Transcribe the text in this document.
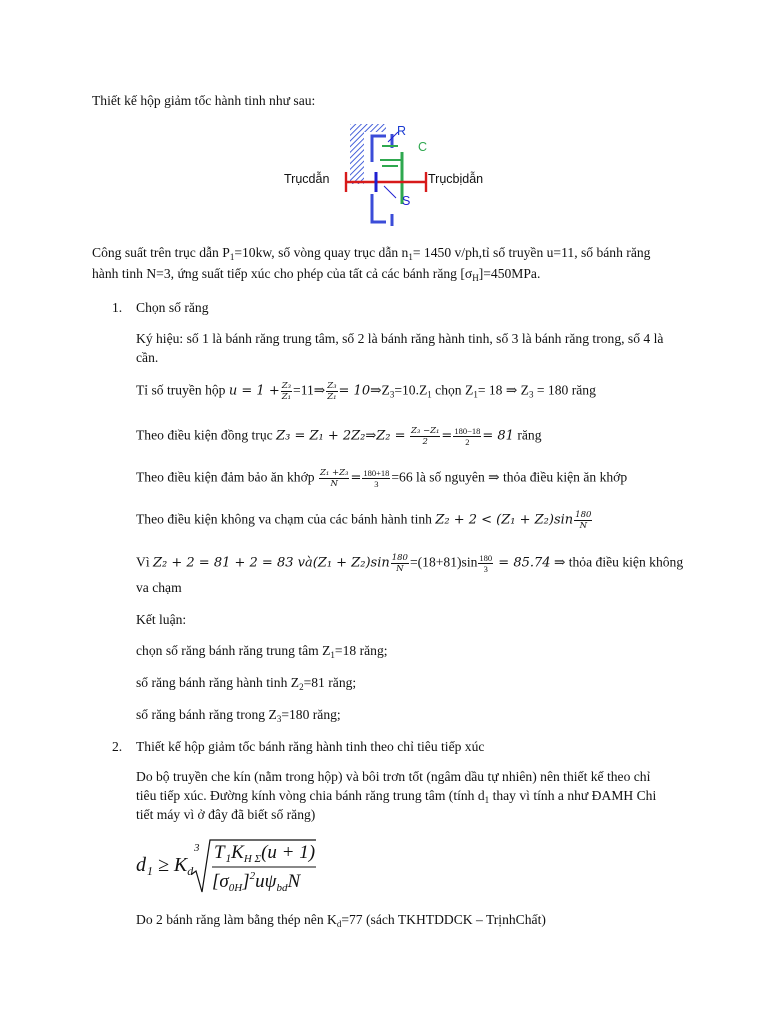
Thiết kế hộp giảm tốc hành tinh như sau:
Trụcdẫn	Trụcbịdẫn
R
C
S
Công suất trên trục dẫn $P_1=10kw$, số vòng quay trục dẫn $n_1= 1450$ v/ph,tỉ số truyền u=11, số bánh răng
hành tinh N=3, ứng suất tiếp xúc cho phép của tất cả các bánh răng $[\sigma_H]=450MPa$.
1. Chọn số răng
Ký hiệu: số 1 là bánh răng trung tâm, số 2 là bánh răng hành tinh, số 3 là bánh răng trong, số 4 là
cần.
Tỉ số truyền hộp $u = 1 + \frac{\text{Z₃}}{\text{Z₁}}$ =11⇒ $\frac{\text{Z₃}}{\text{Z₁}}$ = $10\Rightarrow Z_3=10.Z_1$ chọn $Z_1= 18$ ⇒ $Z_3 = 180$ răng
Theo điều kiện đồng trục Z₃ = Z₁ + 2Z₂⇒Z₂ = $\frac{\text{Z₃ −Z₁}}{2} = \frac{180-18}{2} = 81$ răng
Theo điều kiện đảm bảo ăn khớp $\frac{\text{Z₁ +Z₃}}{N} = \frac{180+18}{3} =66$ là số nguyên ⇒ thỏa điều kiện ăn khớp
Theo điều kiện không va chạm của các bánh hành tinh $Z_2 + 2 < (Z_1 + Z_2)\sin \frac{180}{N}$
Vì Z₂ + 2 = 81 + 2 = 83 và(Z₁ + $Z_2)\sin \frac{180}{N} =(18+81)\sin \frac{180}{3} = 85.74$ ⇒ thỏa điều kiện không
va chạm
Kết luận:
chọn số răng bánh răng trung tâm $Z_1=18$ răng;
số răng bánh răng hành tinh $Z_2=81$ răng;
số răng bánh răng trong $Z_3=180$ răng;
2. Thiết kế hộp giảm tốc bánh răng hành tinh theo chỉ tiêu tiếp xúc
Do bộ truyền che kín (nằm trong hộp) và bôi trơn tốt (ngâm dầu tự nhiên) nên thiết kế theo chỉ
tiêu tiếp xúc. Đường kính vòng chia bánh răng trung tâm (tính $d_1$ thay vì tính a như ĐAMH Chi
tiết máy vì ở đây đã biết số răng)
$d_1 \ge K_d$
3 $T_1K_{H \Sigma}(u + 1)$
$[\sigma_{0H}]^2u\psi_{bd}N$
Do 2 bánh răng làm bằng thép nên $K_d=77$ (sách TKHTDDCK – TrịnhChất)
